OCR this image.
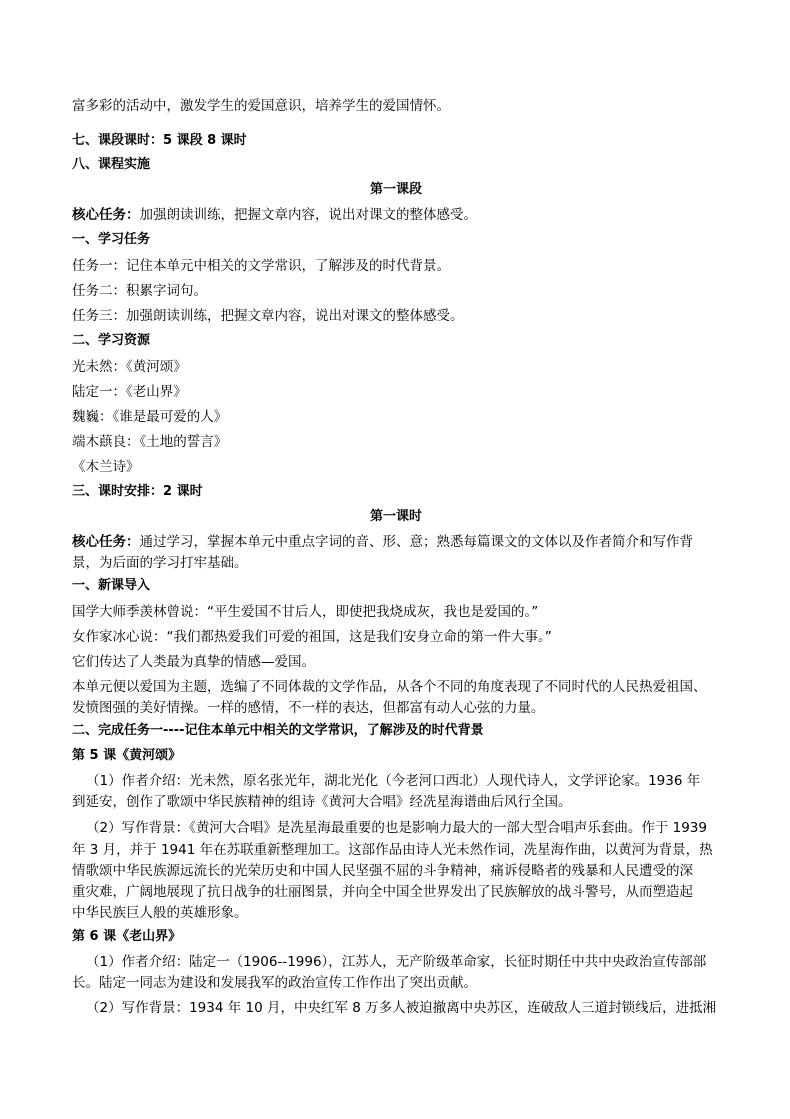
富多彩的活动中，激发学生的爱国意识，培养学生的爱国情怀。
七、课段课时：5 课段 8 课时
八、课程实施
第一课段
核心任务：加强朗读训练，把握文章内容，说出对课文的整体感受。
一、学习任务
任务一：记住本单元中相关的文学常识，了解涉及的时代背景。
任务二：积累字词句。
任务三：加强朗读训练，把握文章内容，说出对课文的整体感受。
二、学习资源
光未然：《黄河颂》
陆定一：《老山界》
魏巍：《谁是最可爱的人》
端木蕻良：《土地的誓言》
《木兰诗》
三、课时安排：2 课时
第一课时
核心任务：通过学习，掌握本单元中重点字词的音、形、意；熟悉每篇课文的文体以及作者简介和写作背
景，为后面的学习打牢基础。
一、新课导入
国学大师季羡林曾说：“平生爱国不甘后人，即使把我烧成灰，我也是爱国的。”
女作家冰心说：“我们都热爱我们可爱的祖国，这是我们安身立命的第一件大事。”
它们传达了人类最为真挚的情感—爱国。
本单元便以爱国为主题，选编了不同体裁的文学作品，从各个不同的角度表现了不同时代的人民热爱祖国、
发愤图强的美好情操。一样的感情，不一样的表达，但都富有动人心弦的力量。
二、完成任务一----记住本单元中相关的文学常识，了解涉及的时代背景
第 5 课《黄河颂》
（1）作者介绍：光未然，原名张光年，湖北光化（今老河口西北）人现代诗人，文学评论家。1936 年
到延安，创作了歌颂中华民族精神的组诗《黄河大合唱》经冼星海谱曲后风行全国。
（2）写作背景：《黄河大合唱》是冼星海最重要的也是影响力最大的一部大型合唱声乐套曲。作于 1939
年 3 月，并于 1941 年在苏联重新整理加工。这部作品由诗人光未然作词，冼星海作曲，以黄河为背景，热
情歌颂中华民族源远流长的光荣历史和中国人民坚强不屈的斗争精神，痛诉侵略者的残暴和人民遭受的深
重灾难，广阔地展现了抗日战争的壮丽图景，并向全中国全世界发出了民族解放的战斗警号，从而塑造起
中华民族巨人般的英雄形象。
第 6 课《老山界》
（1）作者介绍：陆定一（1906--1996），江苏人，无产阶级革命家，长征时期任中共中央政治宣传部部
长。陆定一同志为建设和发展我军的政治宣传工作作出了突出贡献。
（2）写作背景：1934 年 10 月，中央红军 8 万多人被迫撤离中央苏区，连破敌人三道封锁线后，进抵湘
